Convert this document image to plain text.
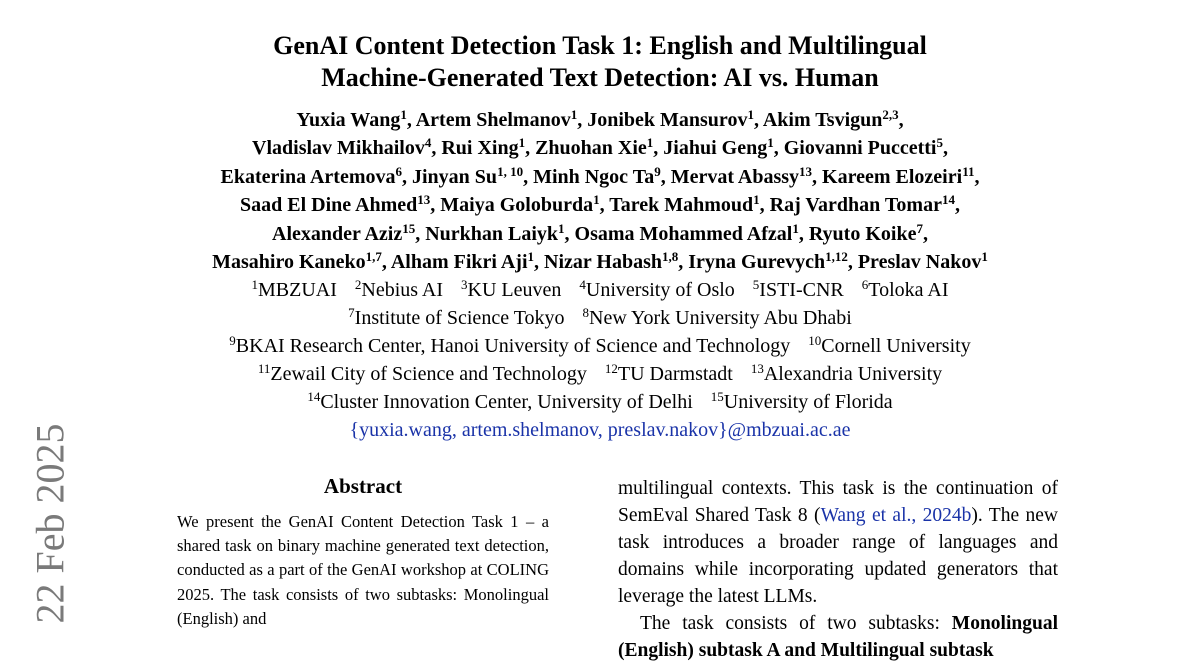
22 Feb 2025
GenAI Content Detection Task 1: English and Multilingual
Machine-Generated Text Detection: AI vs. Human
Yuxia Wang$^1$, Artem Shelmanov$^1$, Jonibek Mansurov$^1$, Akim Tsvigun$^{2,3}$,
Vladislav Mikhailov$^4$, Rui Xing$^1$, Zhuohan Xie$^1$, Jiahui Geng$^1$, Giovanni Puccetti$^5$,
Ekaterina Artemova$^6$, Jinyan Su$^{1, 10}$, Minh Ngoc Ta$^9$, Mervat Abassy$^{13}$, Kareem Elozeiri$^{11}$,
Saad El Dine Ahmed$^{13}$, Maiya Goloburda$^1$, Tarek Mahmoud$^1$, Raj Vardhan Tomar$^{14}$,
Alexander Aziz$^{15}$, Nurkhan Laiyk$^1$, Osama Mohammed Afzal$^1$, Ryuto Koike$^7$,
Masahiro Kaneko$^{1,7}$, Alham Fikri Aji$^1$, Nizar Habash$^{1,8}$, Iryna Gurevych$^{1,12}$, Preslav Nakov$^1$
$^1$MBZUAI $^2$Nebius AI $^3$KU Leuven $^4$University of Oslo $^5$ISTI-CNR $^6$Toloka AI
$^7$Institute of Science Tokyo $^8$New York University Abu Dhabi
$^9$BKAI Research Center, Hanoi University of Science and Technology $^{10}$Cornell University
$^{11}$Zewail City of Science and Technology $^{12}$TU Darmstadt $^{13}$Alexandria University
$^{14}$Cluster Innovation Center, University of Delhi $^{15}$University of Florida
{yuxia.wang, artem.shelmanov, preslav.nakov}@mbzuai.ac.ae
Abstract

We present the GenAI Content Detection Task 1 – a shared task on binary machine generated text detection, conducted as a part of the GenAI workshop at COLING 2025. The task consists of two subtasks: Monolingual (English) and

multilingual contexts. This task is the continuation of SemEval Shared Task 8 (Wang et al., 2024b). The new task introduces a broader range of languages and domains while incorporating updated generators that leverage the latest LLMs.

The task consists of two subtasks: Monolingual (English) subtask A and Multilingual subtask
